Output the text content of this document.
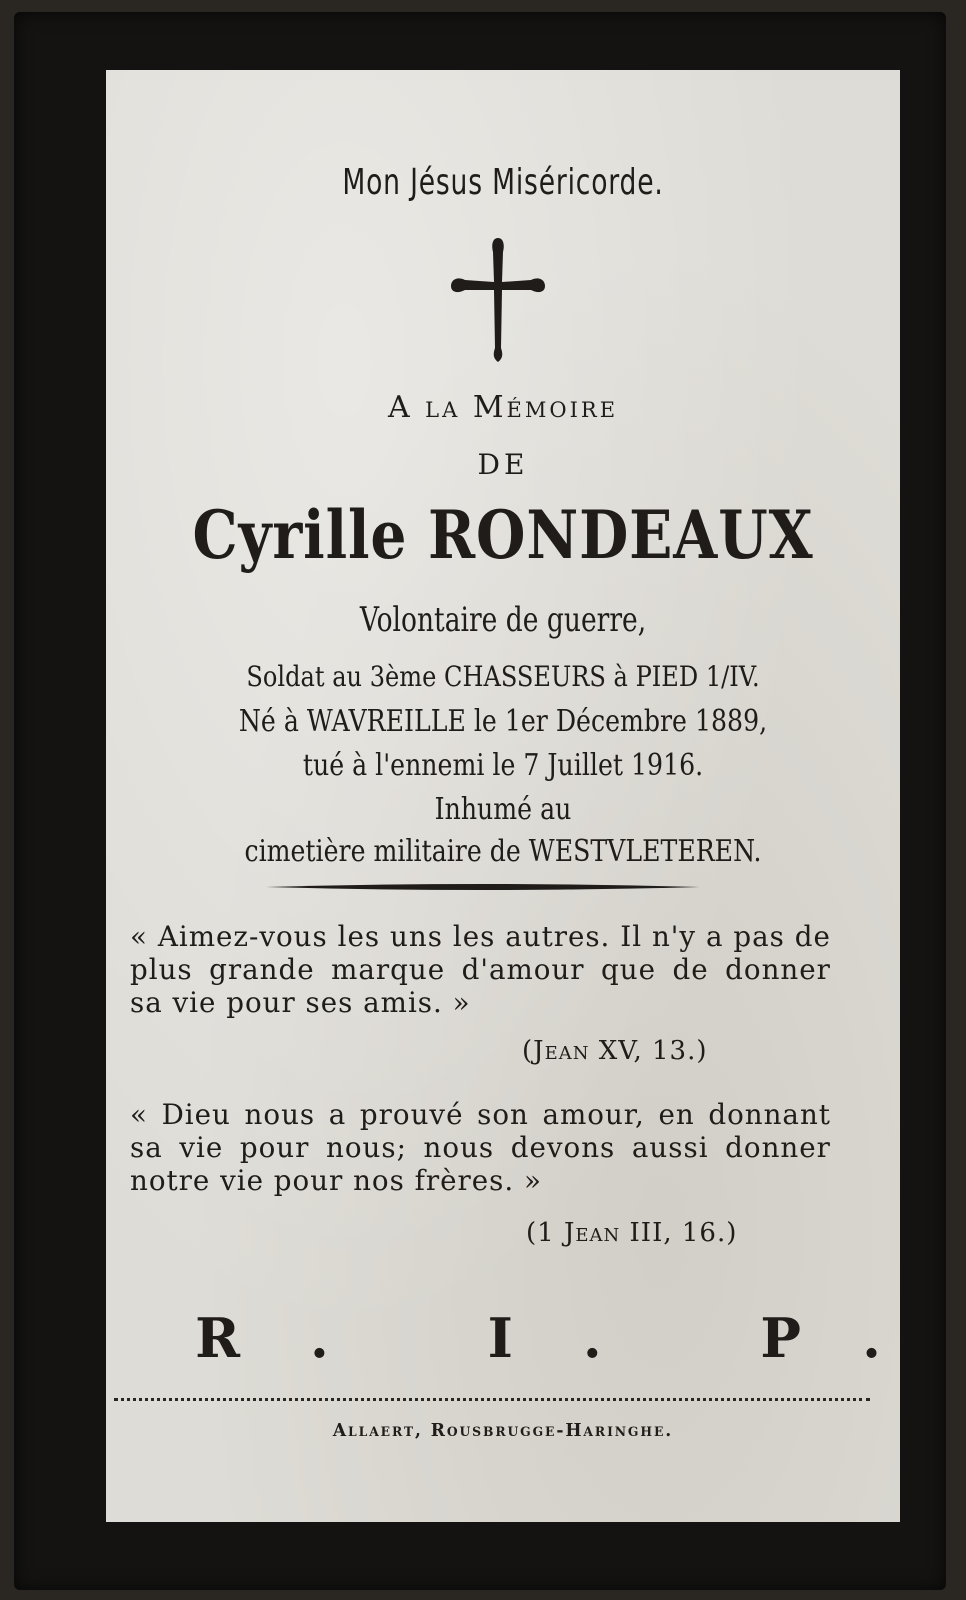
Mon Jésus Miséricorde.
A la Mémoire
DE
Cyrille RONDEAUX
Volontaire de guerre,
Soldat au 3ème CHASSEURS à PIED 1/IV.
Né à WAVREILLE le 1er Décembre 1889,
tué à l'ennemi le 7 Juillet 1916.
Inhumé au
cimetière militaire de WESTVLETEREN.
« Aimez-vous les uns les autres. Il n'y a pas de plus grande marque d'amour que de donner sa vie pour ses amis. »
(Jean XV, 13.)
« Dieu nous a prouvé son amour, en donnant sa vie pour nous; nous devons aussi donner notre vie pour nos frères. »
(1 Jean III, 16.)
R. I. P.
Allaert, Rousbrugge-Haringhe.
